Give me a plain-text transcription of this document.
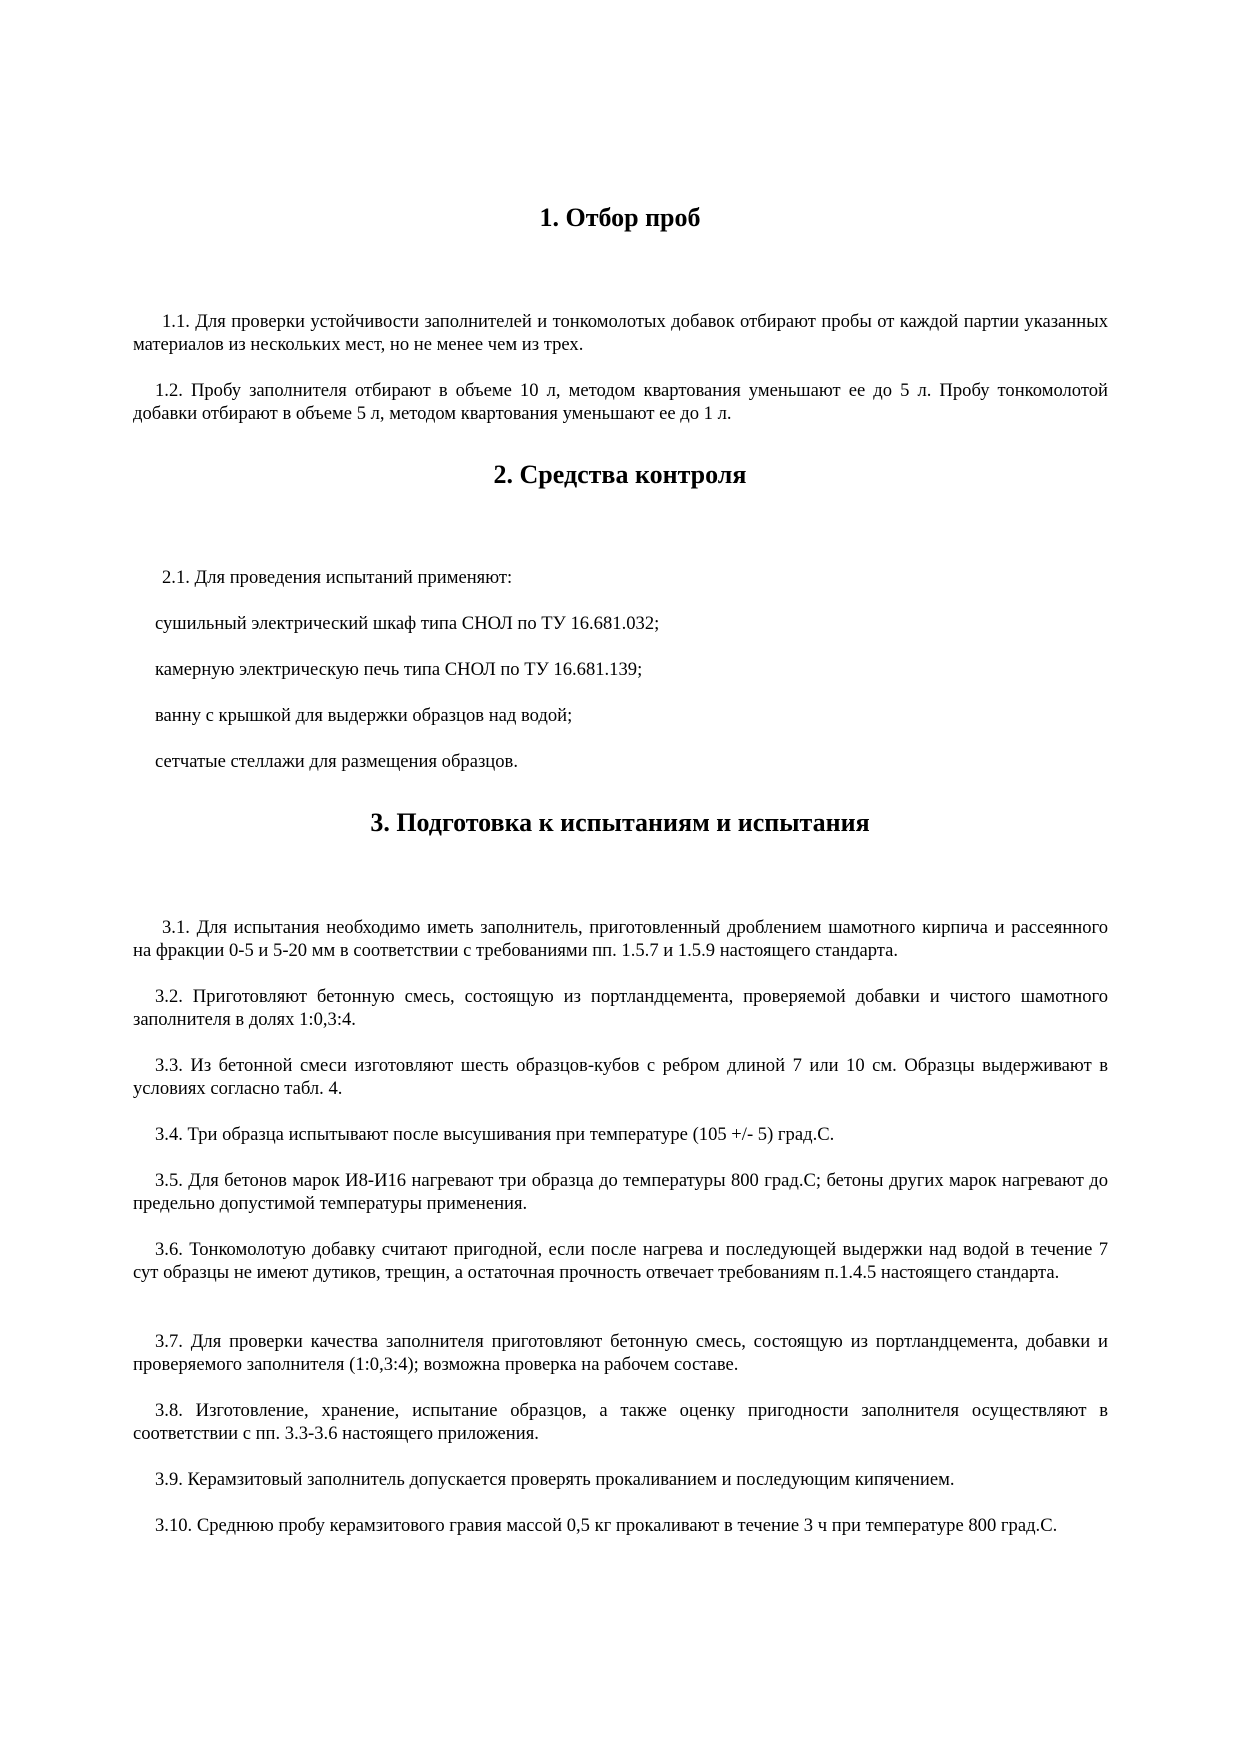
1. Отбор проб

1.1. Для проверки устойчивости заполнителей и тонкомолотых добавок отбирают пробы от каждой партии указанных материалов из нескольких мест, но не менее чем из трех.

1.2. Пробу заполнителя отбирают в объеме 10 л, методом квартования уменьшают ее до 5 л. Пробу тонкомолотой добавки отбирают в объеме 5 л, методом квартования уменьшают ее до 1 л.

2. Средства контроля

2.1. Для проведения испытаний применяют:

сушильный электрический шкаф типа СНОЛ по ТУ 16.681.032;

камерную электрическую печь типа СНОЛ по ТУ 16.681.139;

ванну с крышкой для выдержки образцов над водой;

сетчатые стеллажи для размещения образцов.

3. Подготовка к испытаниям и испытания

3.1. Для испытания необходимо иметь заполнитель, приготовленный дроблением шамотного кирпича и рассеянного на фракции 0-5 и 5-20 мм в соответствии с требованиями пп. 1.5.7 и 1.5.9 настоящего стандарта.

3.2. Приготовляют бетонную смесь, состоящую из портландцемента, проверяемой добавки и чистого шамотного заполнителя в долях 1:0,3:4.

3.3. Из бетонной смеси изготовляют шесть образцов-кубов с ребром длиной 7 или 10 см. Образцы выдерживают в условиях согласно табл. 4.

3.4. Три образца испытывают после высушивания при температуре (105 +/- 5) град.С.

3.5. Для бетонов марок И8-И16 нагревают три образца до температуры 800 град.С; бетоны других марок нагревают до предельно допустимой температуры применения.

3.6. Тонкомолотую добавку считают пригодной, если после нагрева и последующей выдержки над водой в течение 7 сут образцы не имеют дутиков, трещин, а остаточная прочность отвечает требованиям п.1.4.5 настоящего стандарта.

3.7. Для проверки качества заполнителя приготовляют бетонную смесь, состоящую из портландцемента, добавки и проверяемого заполнителя (1:0,3:4); возможна проверка на рабочем составе.

3.8. Изготовление, хранение, испытание образцов, а также оценку пригодности заполнителя осуществляют в соответствии с пп. 3.3-3.6 настоящего приложения.

3.9. Керамзитовый заполнитель допускается проверять прокаливанием и последующим кипячением.

3.10. Среднюю пробу керамзитового гравия массой 0,5 кг прокаливают в течение 3 ч при температуре 800 град.С.
